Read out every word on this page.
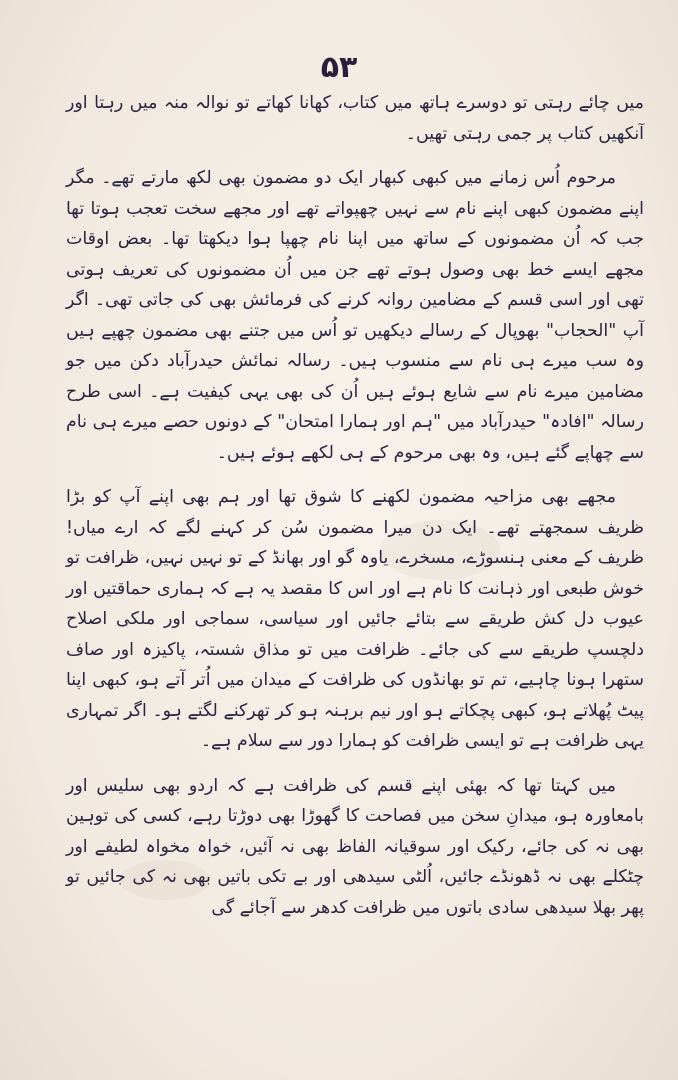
۵۳

میں چائے رہتی تو دوسرے ہاتھ میں کتاب، کھانا کھاتے تو نوالہ منہ میں رہتا اور آنکھیں کتاب پر جمی رہتی تھیں۔

مرحوم اُس زمانے میں کبھی کبھار ایک دو مضمون بھی لکھ مارتے تھے۔ مگر اپنے مضمون کبھی اپنے نام سے نہیں چھپواتے تھے اور مجھے سخت تعجب ہوتا تھا جب کہ اُن مضمونوں کے ساتھ میں اپنا نام چھپا ہوا دیکھتا تھا۔ بعض اوقات مجھے ایسے خط بھی وصول ہوتے تھے جن میں اُن مضمونوں کی تعریف ہوتی تھی اور اسی قسم کے مضامین روانہ کرنے کی فرمائش بھی کی جاتی تھی۔ اگر آپ "الحجاب" بھوپال کے رسالے دیکھیں تو اُس میں جتنے بھی مضمون چھپے ہیں وہ سب میرے ہی نام سے منسوب ہیں۔ رسالہ نمائش حیدرآباد دکن میں جو مضامین میرے نام سے شایع ہوئے ہیں اُن کی بھی یہی کیفیت ہے۔ اسی طرح رسالہ "افادہ" حیدرآباد میں "ہم اور ہمارا امتحان" کے دونوں حصے میرے ہی نام سے چھاپے گئے ہیں، وہ بھی مرحوم کے ہی لکھے ہوئے ہیں۔

مجھے بھی مزاحیہ مضمون لکھنے کا شوق تھا اور ہم بھی اپنے آپ کو بڑا ظریف سمجھتے تھے۔ ایک دن میرا مضمون سُن کر کہنے لگے کہ ارے میاں! ظریف کے معنی ہنسوڑے، مسخرے، یاوہ گو اور بھانڈ کے تو نہیں نہیں، ظرافت تو خوش طبعی اور ذہانت کا نام ہے اور اس کا مقصد یہ ہے کہ ہماری حماقتیں اور عیوب دل کش طریقے سے بتائے جائیں اور سیاسی، سماجی اور ملکی اصلاح دلچسپ طریقے سے کی جائے۔ ظرافت میں تو مذاق شستہ، پاکیزہ اور صاف ستھرا ہونا چاہیے، تم تو بھانڈوں کی ظرافت کے میدان میں اُتر آتے ہو، کبھی اپنا پیٹ پُھلاتے ہو، کبھی پچکاتے ہو اور نیم برہنہ ہو کر تھرکنے لگتے ہو۔ اگر تمہاری یہی ظرافت ہے تو ایسی ظرافت کو ہمارا دور سے سلام ہے۔

میں کہتا تھا کہ بھئی اپنے قسم کی ظرافت ہے کہ اردو بھی سلیس اور بامعاورہ ہو، میدانِ سخن میں فصاحت کا گھوڑا بھی دوڑتا رہے، کسی کی توہین بھی نہ کی جائے، رکیک اور سوقیانہ الفاظ بھی نہ آئیں، خواہ مخواہ لطیفے اور چٹکلے بھی نہ ڈھونڈے جائیں، اُلٹی سیدھی اور بے تکی باتیں بھی نہ کی جائیں تو پھر بھلا سیدھی سادی باتوں میں ظرافت کدھر سے آجائے گی
